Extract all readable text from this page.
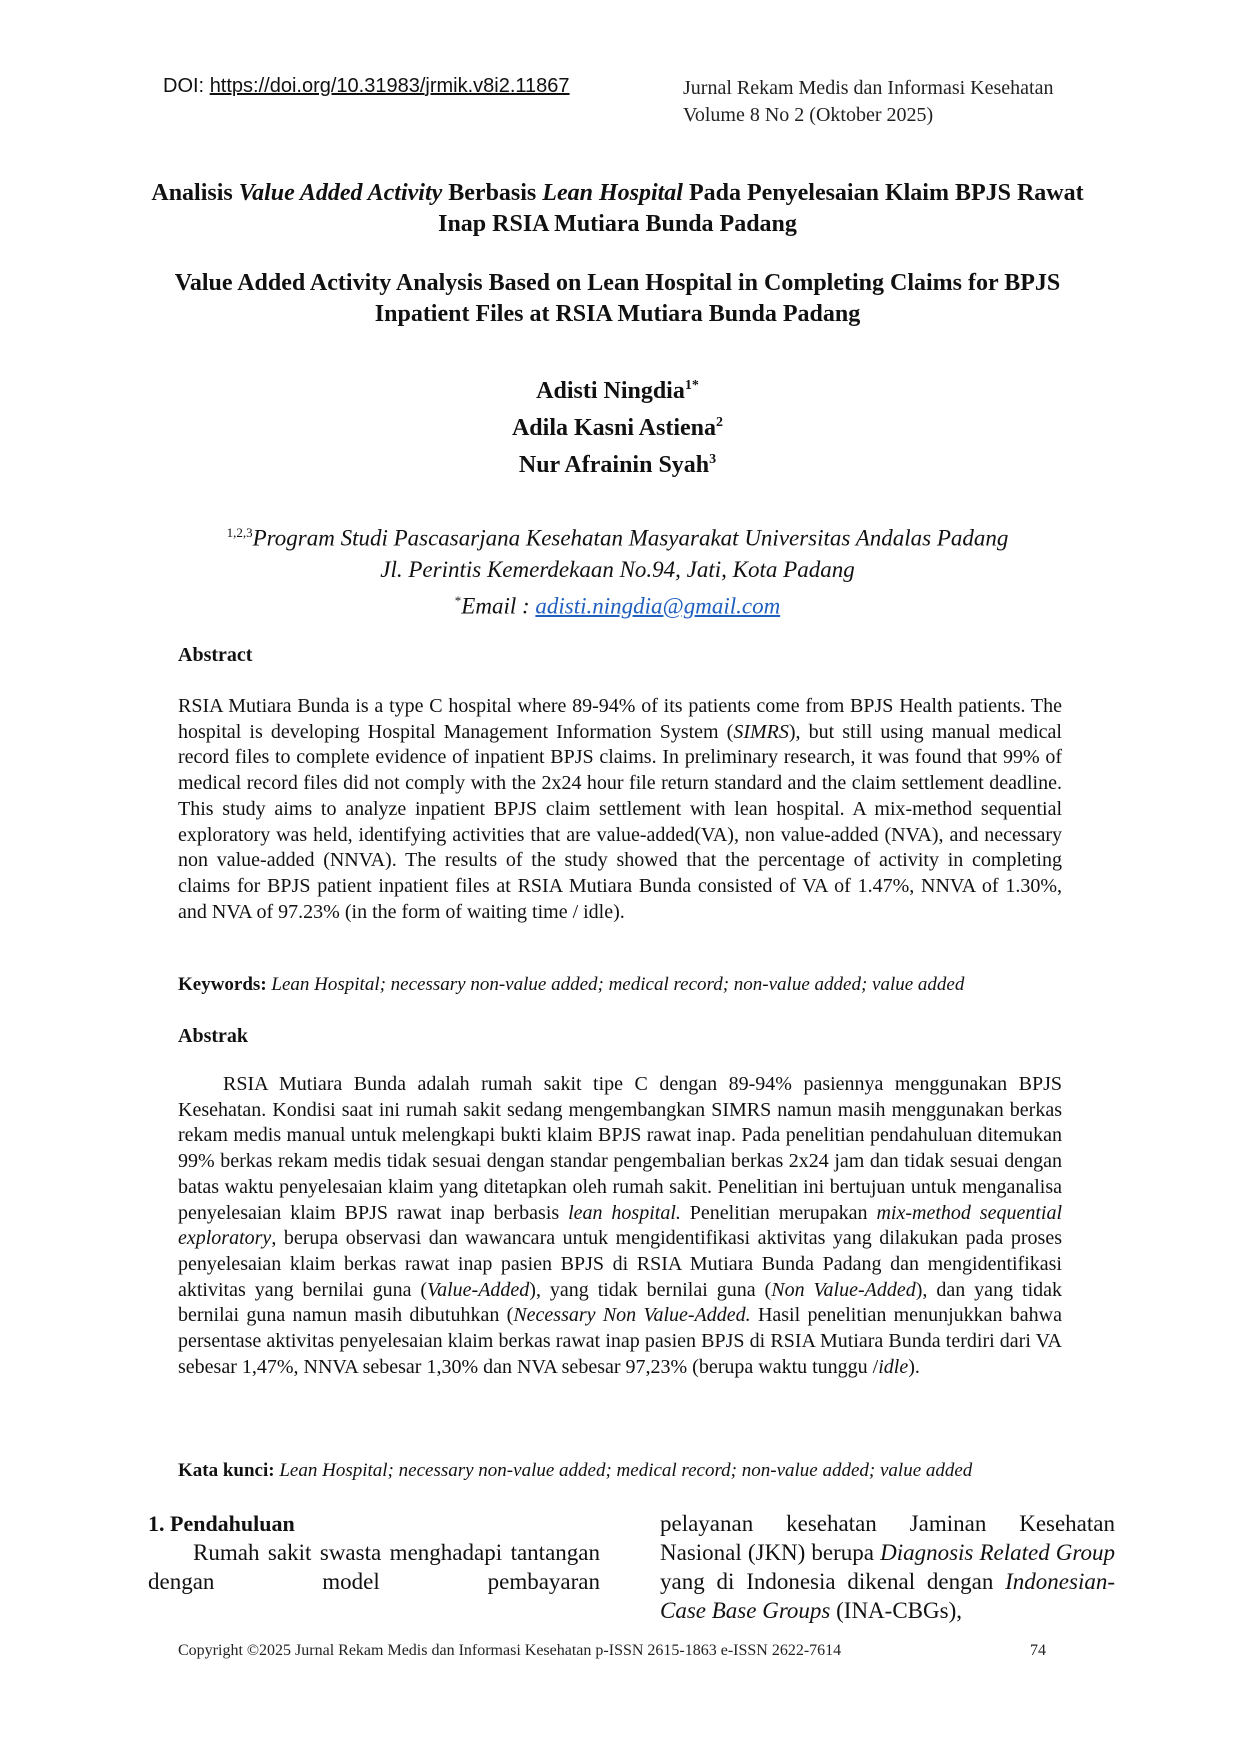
DOI: https://doi.org/10.31983/jrmik.v8i2.11867	Jurnal Rekam Medis dan Informasi Kesehatan
Volume 8 No 2 (Oktober 2025)
Analisis Value Added Activity Berbasis Lean Hospital Pada Penyelesaian Klaim BPJS Rawat Inap RSIA Mutiara Bunda Padang
Value Added Activity Analysis Based on Lean Hospital in Completing Claims for BPJS Inpatient Files at RSIA Mutiara Bunda Padang
Adisti Ningdia$^{1*}$
Adila Kasni Astiena$^2$
Nur Afrainin Syah$^3$
$^{1,2,3}$Program Studi Pascasarjana Kesehatan Masyarakat Universitas Andalas Padang
Jl. Perintis Kemerdekaan No.94, Jati, Kota Padang
*Email : adisti.ningdia@gmail.com
Abstract
RSIA Mutiara Bunda is a type C hospital where 89-94% of its patients come from BPJS Health patients. The hospital is developing Hospital Management Information System (SIMRS), but still using manual medical record files to complete evidence of inpatient BPJS claims. In preliminary research, it was found that 99% of medical record files did not comply with the 2x24 hour file return standard and the claim settlement deadline. This study aims to analyze inpatient BPJS claim settlement with lean hospital. A mix-method sequential exploratory was held, identifying activities that are value-added(VA), non value-added (NVA), and necessary non value-added (NNVA). The results of the study showed that the percentage of activity in completing claims for BPJS patient inpatient files at RSIA Mutiara Bunda consisted of VA of 1.47%, NNVA of 1.30%, and NVA of 97.23% (in the form of waiting time / idle).
Keywords: Lean Hospital; necessary non-value added; medical record; non-value added; value added
Abstrak
RSIA Mutiara Bunda adalah rumah sakit tipe C dengan 89-94% pasiennya menggunakan BPJS Kesehatan. Kondisi saat ini rumah sakit sedang mengembangkan SIMRS namun masih menggunakan berkas rekam medis manual untuk melengkapi bukti klaim BPJS rawat inap. Pada penelitian pendahuluan ditemukan 99% berkas rekam medis tidak sesuai dengan standar pengembalian berkas 2x24 jam dan tidak sesuai dengan batas waktu penyelesaian klaim yang ditetapkan oleh rumah sakit. Penelitian ini bertujuan untuk menganalisa penyelesaian klaim BPJS rawat inap berbasis lean hospital. Penelitian merupakan mix-method sequential exploratory, berupa observasi dan wawancara untuk mengidentifikasi aktivitas yang dilakukan pada proses penyelesaian klaim berkas rawat inap pasien BPJS di RSIA Mutiara Bunda Padang dan mengidentifikasi aktivitas yang bernilai guna (Value-Added), yang tidak bernilai guna (Non Value-Added), dan yang tidak bernilai guna namun masih dibutuhkan (Necessary Non Value-Added. Hasil penelitian menunjukkan bahwa persentase aktivitas penyelesaian klaim berkas rawat inap pasien BPJS di RSIA Mutiara Bunda terdiri dari VA sebesar 1,47%, NNVA sebesar 1,30% dan NVA sebesar 97,23% (berupa waktu tunggu /idle).
Kata kunci: Lean Hospital; necessary non-value added; medical record; non-value added; value added
1. Pendahuluan
Rumah sakit swasta menghadapi tantangan dengan model pembayaran
pelayanan kesehatan Jaminan Kesehatan Nasional (JKN) berupa Diagnosis Related Group yang di Indonesia dikenal dengan Indonesian-Case Base Groups (INA-CBGs),
Copyright ©2025 Jurnal Rekam Medis dan Informasi Kesehatan p-ISSN 2615-1863 e-ISSN 2622-7614	74
